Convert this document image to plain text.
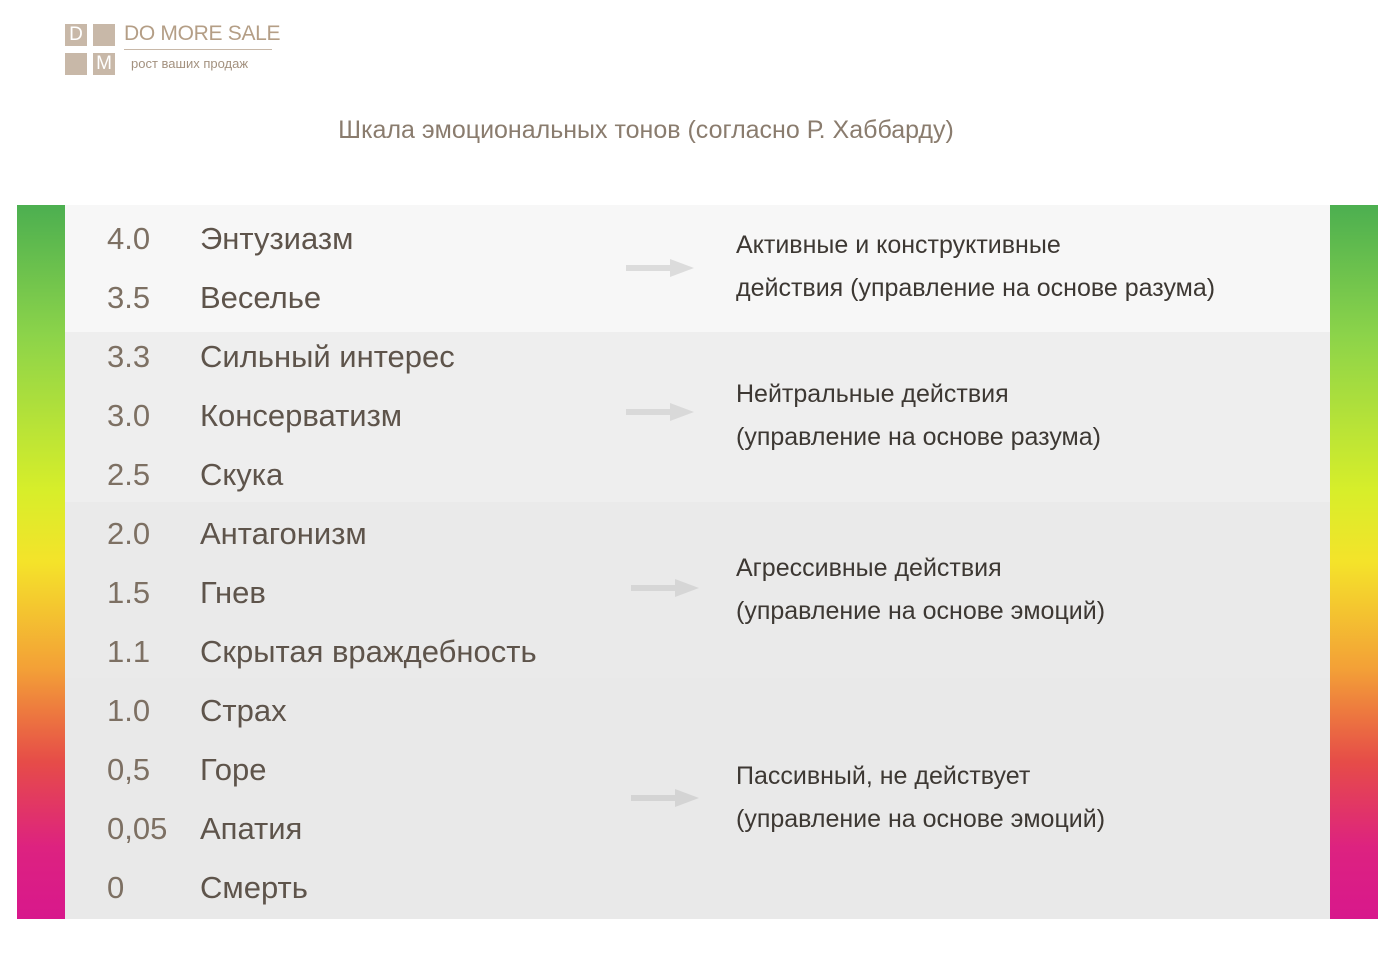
D
M
DO MORE SALE
рост ваших продаж
Шкала эмоциональных тонов (согласно Р. Хаббарду)
4.0 Энтузиазм
3.5 Веселье
3.3 Сильный интерес
3.0 Консерватизм
2.5 Скука
2.0 Антагонизм
1.5 Гнев
1.1 Скрытая враждебность
1.0 Страх
0,5 Горе
0,05 Апатия
0 Смерть
Активные и конструктивные
действия (управление на основе разума)
Нейтральные действия
(управление на основе разума)
Агрессивные действия
(управление на основе эмоций)
Пассивный, не действует
(управление на основе эмоций)
